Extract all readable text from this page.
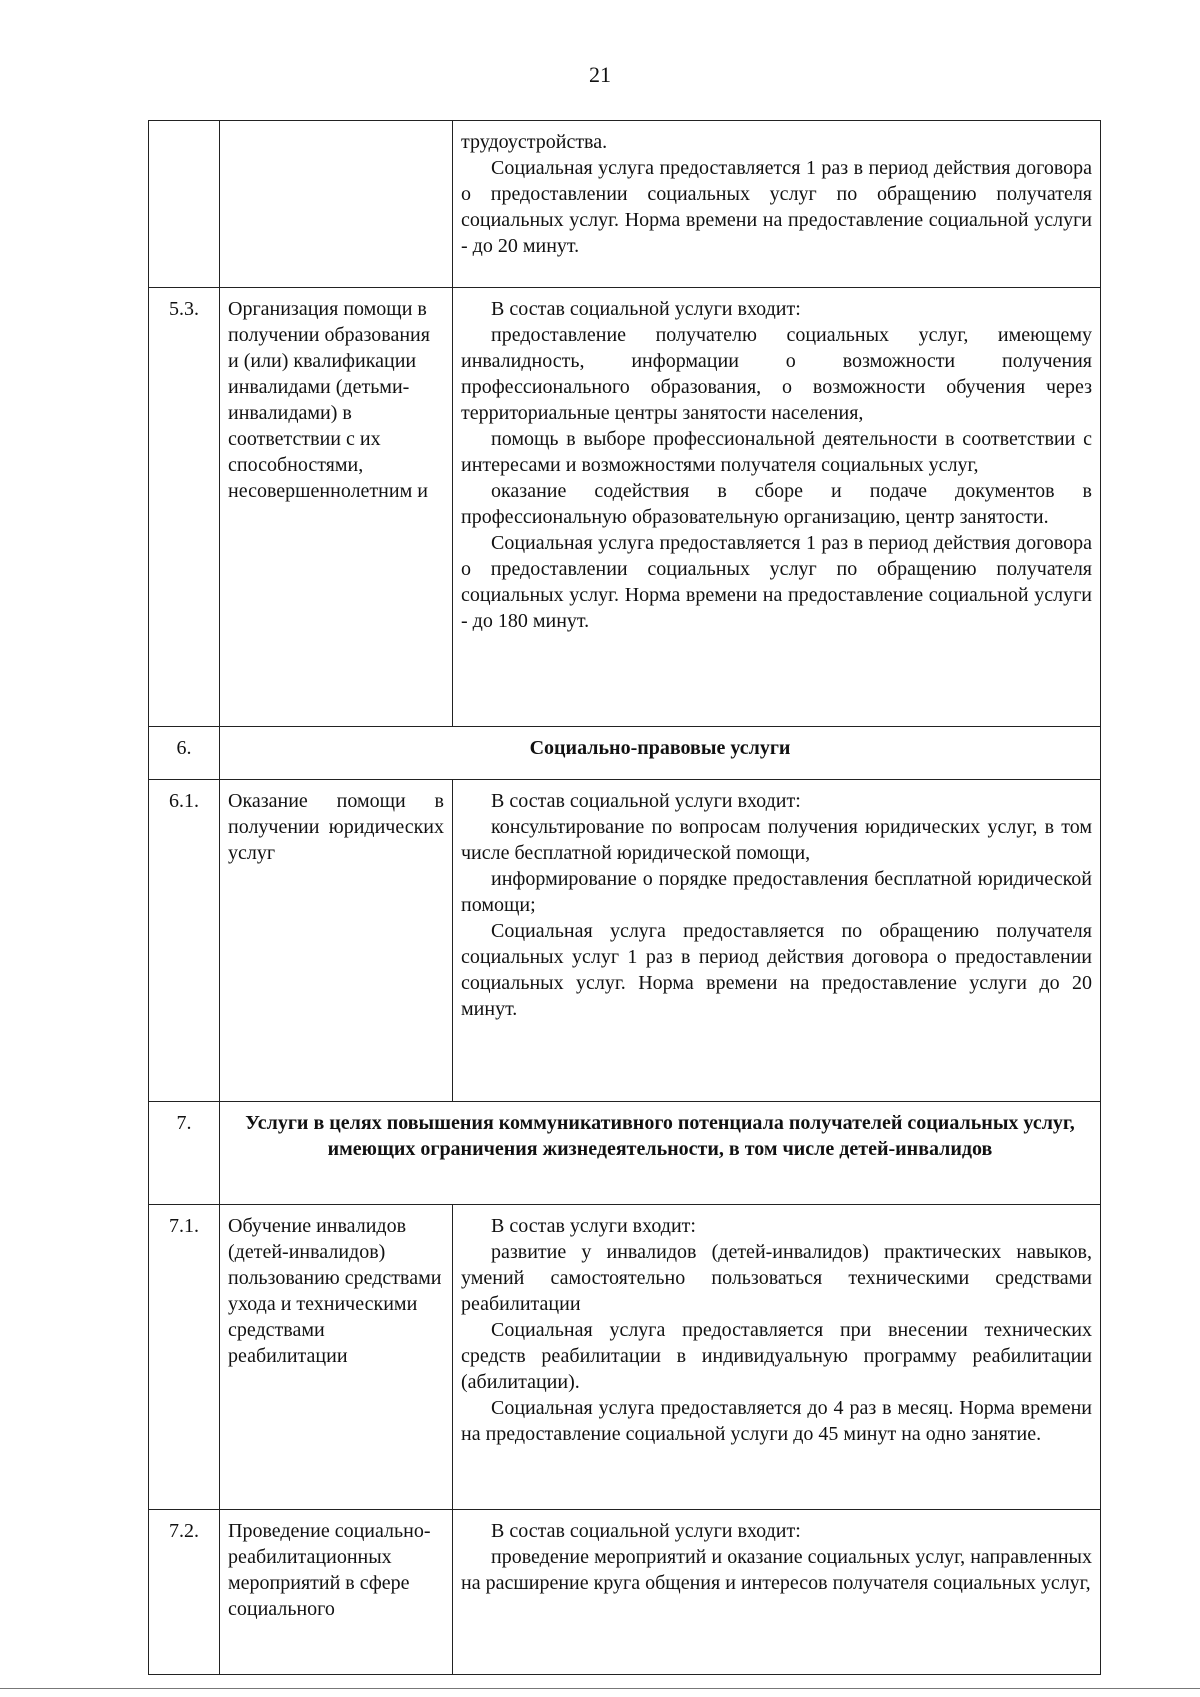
21

		трудоустройства.

Социальная услуга предоставляется 1 раз в период действия договора о предоставлении социальных услуг по обращению получателя социальных услуг. Норма времени на предоставление социальной услуги - до 20 минут.

5.3.	Организация помощи в получении образования и (или) квалификации инвалидами (детьми-инвалидами) в соответствии с их способностями, несовершеннолетним и	В состав социальной услуги входит:

предоставление получателю социальных услуг, имеющему инвалидность, информации о возможности получения профессионального образования, о возможности обучения через территориальные центры занятости населения,

помощь в выборе профессиональной деятельности в соответствии с интересами и возможностями получателя социальных услуг,

оказание содействия в сборе и подаче документов в профессиональную образовательную организацию, центр занятости.

Социальная услуга предоставляется 1 раз в период действия договора о предоставлении социальных услуг по обращению получателя социальных услуг. Норма времени на предоставление социальной услуги - до 180 минут.

6.	Социально-правовые услуги	
6.1.	Оказание помощи в получении юридических услуг	В состав социальной услуги входит:

консультирование по вопросам получения юридических услуг, в том числе бесплатной юридической помощи,

информирование о порядке предоставления бесплатной юридической помощи;

Социальная услуга предоставляется по обращению получателя социальных услуг 1 раз в период действия договора о предоставлении социальных услуг. Норма времени на предоставление услуги до 20 минут.

7.	Услуги в целях повышения коммуникативного потенциала получателей социальных услуг, имеющих ограничения жизнедеятельности, в том числе детей-инвалидов	
7.1.	Обучение инвалидов (детей-инвалидов) пользованию средствами ухода и техническими средствами реабилитации	В состав услуги входит:

развитие у инвалидов (детей-инвалидов) практических навыков, умений самостоятельно пользоваться техническими средствами реабилитации

Социальная услуга предоставляется при внесении технических средств реабилитации в индивидуальную программу реабилитации (абилитации).

Социальная услуга предоставляется до 4 раз в месяц. Норма времени на предоставление социальной услуги до 45 минут на одно занятие.

7.2.	Проведение социально-реабилитационных мероприятий в сфере социального	В состав социальной услуги входит:

проведение мероприятий и оказание социальных услуг, направленных на расширение круга общения и интересов получателя социальных услуг,
